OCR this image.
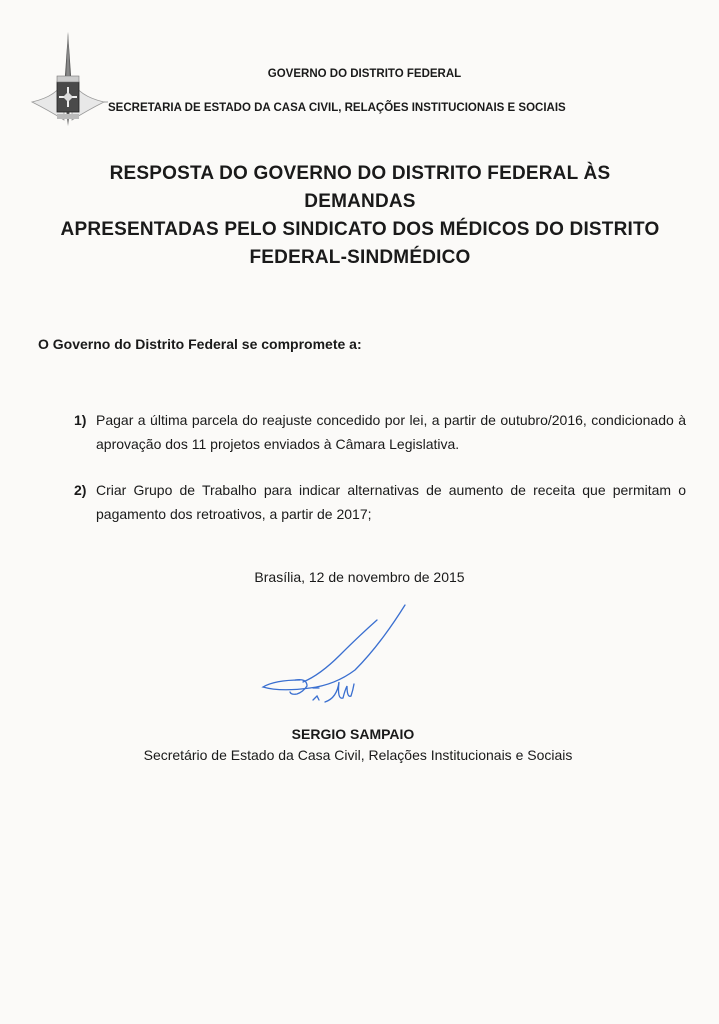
GOVERNO DO DISTRITO FEDERAL
SECRETARIA DE ESTADO DA CASA CIVIL, RELAÇÕES INSTITUCIONAIS E SOCIAIS
RESPOSTA DO GOVERNO DO DISTRITO FEDERAL ÀS DEMANDAS
APRESENTADAS PELO SINDICATO DOS MÉDICOS DO DISTRITO
FEDERAL-SINDMÉDICO
O Governo do Distrito Federal se compromete a:
1) Pagar a última parcela do reajuste concedido por lei, a partir de outubro/2016, condicionado à aprovação dos 11 projetos enviados à Câmara Legislativa.
2) Criar Grupo de Trabalho para indicar alternativas de aumento de receita que permitam o pagamento dos retroativos, a partir de 2017;
Brasília, 12 de novembro de 2015
SERGIO SAMPAIO
Secretário de Estado da Casa Civil, Relações Institucionais e Sociais
